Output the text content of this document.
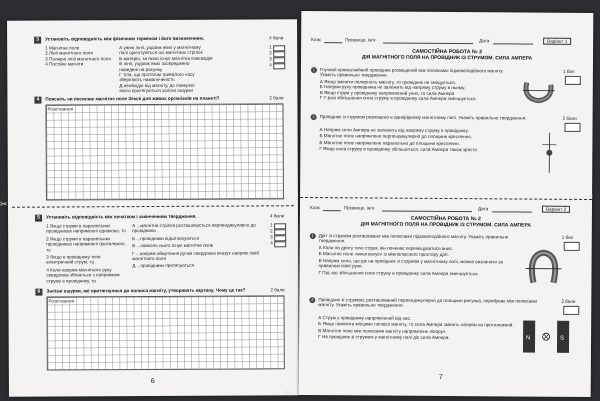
3	Установіть відповідність між фізичним терміном і його визначенням.	4 бали
1 Магнітне поле
2 Лінії магнітного поля
3 Полярні лінії магнітного поля
4 Постійні магніти
А уявні лінії, уздовж яких у магнітному
полі орієнтуються осі магнітних стрілок
Б матерія, за якою існує магнітна взаємодія
В лінії, уздовж яких зосереджено
наведені на рисунку
Г тіла, що протягом тривалого часу
зберігають намагніченість
Д необхідні від магніту, до поверхні
якого притягуються залізні ошурки
1
2
3
4
4	Поясніть чи посилює магнітне поле Землі для живих організмів на планеті?	2 бали
Розв'язання
5	Установіть відповідність між початком і закінченням твердження.	4 бали
1 Якщо струми в паралельних провідниках напрямлені однаково, то
2 Якщо струми в паралельних провідниках напрямлені протилежно, то
3 Якщо в провіднику тече електричний струм, то
4 Коли напрям магнітного руку свердлика збігається з напрямком струму в провіднику, то
А ...магнітна стрілка розташовується перпендикулярно до провідника
Б ...провідники відштовхуються
В ...навколо нього існує магнітне поле
Г ...напрям обертання ручки свердлика вказує напрям ліній магнітного поля
Д ...провідники притягуються
1
2
3
4
6	Залізні ошурки, які притягнулися до полюса магніту, утворюють картину. Чому це так?	2 бали
Розв'язання
6
Клас	Прізвище, ім'я	Дата	Варіант 1
САМОСТІЙНА РОБОТА № 2
ДІЯ МАГНІТНОГО ПОЛЯ НА ПРОВІДНИК ІЗ СТРУМОМ. СИЛА АМПЕРА
1	Гнучкий прямолінійний провідник розміщений між полюсами підковоподібного магніту. Укажіть правильне твердження.
1 бал
А Якщо змінити полярність магніту, то провідник не зміщується.
Б Напрям руху провідника не залежить від напряму струму в ньому.
В Якщо струм у провіднику напрямлений униз, то сила Ампера
Г У разі збільшення сили струму в провіднику сила Ампера зменшується.
2	Провідник зі струмом розміщено в однорідному магнітному полі. Укажіть правильне твердження.	2 бали
А Напрям сили Ампера не залежить від напряму струму в провіднику.
Б Магнітне поле напрямлене перпендикулярно до площини креслення.
В Магнітне поле напрямлене паралельно до площини креслення.
Г Якщо сила струму в провіднику збільшиться, сила Ампера також зросте.
Клас	Прізвище, ім'я	Дата	Варіант 2
САМОСТІЙНА РОБОТА № 2
ДІЯ МАГНІТНОГО ПОЛЯ НА ПРОВІДНИК ІЗ СТРУМОМ. СИЛА АМПЕРА
1	Дріт зі струмом розташовано між полюсами підковоподібного магніту. Укажіть правильне твердження.
1 бал
А Коли по дроту тече струм, він починає переміщуватися вниз.
Б Магнітне поле «виштовхує» із міжполюсного простору дріт.
В Напрям сили, що діє на провідник зі струмом у магнітному полі, можна визначити за правилом лівої руки.
Г Під час збільшення сили струму в провіднику сила Ампера зменшується.
2	Провідник зі струмом, розташований перпендикулярно до площини рисунка, перебуває між полюсами магніту. Укажіть правильне твердження.
2 бали
А Струм у провіднику напрямлений від нас.
Б Якщо поміняти місцями полюси магніту, то сила Ампера змінить напрям на протилежний.
В Магнітне поле між полюсами магніту напрямлене ліворуч.
Г На провідник зі струмом у магнітному полі діє сила Ампера.	N	S
7
✂
✂
✂
